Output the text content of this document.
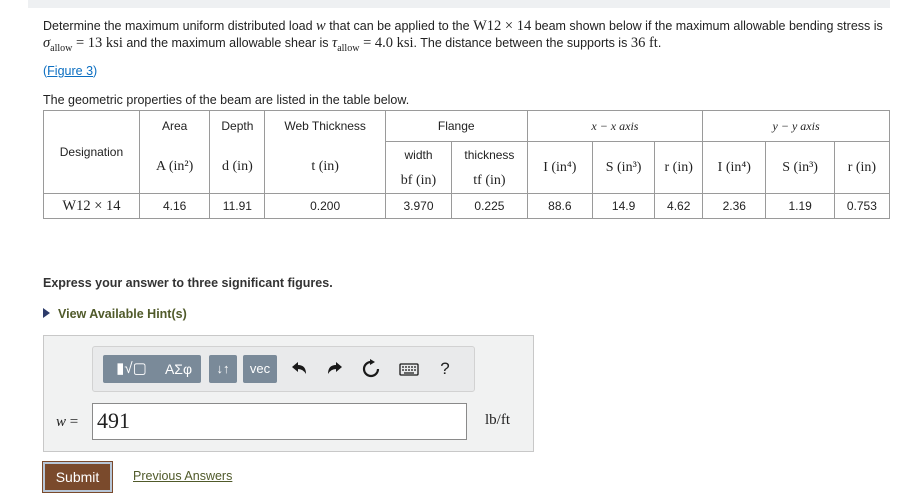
Determine the maximum uniform distributed load w that can be applied to the W12 × 14 beam shown below if the maximum allowable bending stress is $\sigma_{allow} = 13$ ksi and the maximum allowable shear is $\tau_{allow} = 4.0$ ksi. The distance between the supports is 36 ft.
(Figure 3)
The geometric properties of the beam are listed in the table below.
Designation	Area	Depth	Web Thickness	Flange		x − x axis			y − y axis		
	A (in²)	d (in)	t (in)	width	thickness	I (in⁴)	S (in³)	r (in)	I (in⁴)	S (in³)	r (in)
				bf (in)	tf (in)						
W12 × 14	4.16	11.91	0.200	3.970	0.225	88.6	14.9	4.62	2.36	1.19	0.753
Express your answer to three significant figures.
View Available Hint(s)
▮√▢	ΑΣφ	↓↑	vec	?
w = 491	lb/ft
Submit	Previous Answers
